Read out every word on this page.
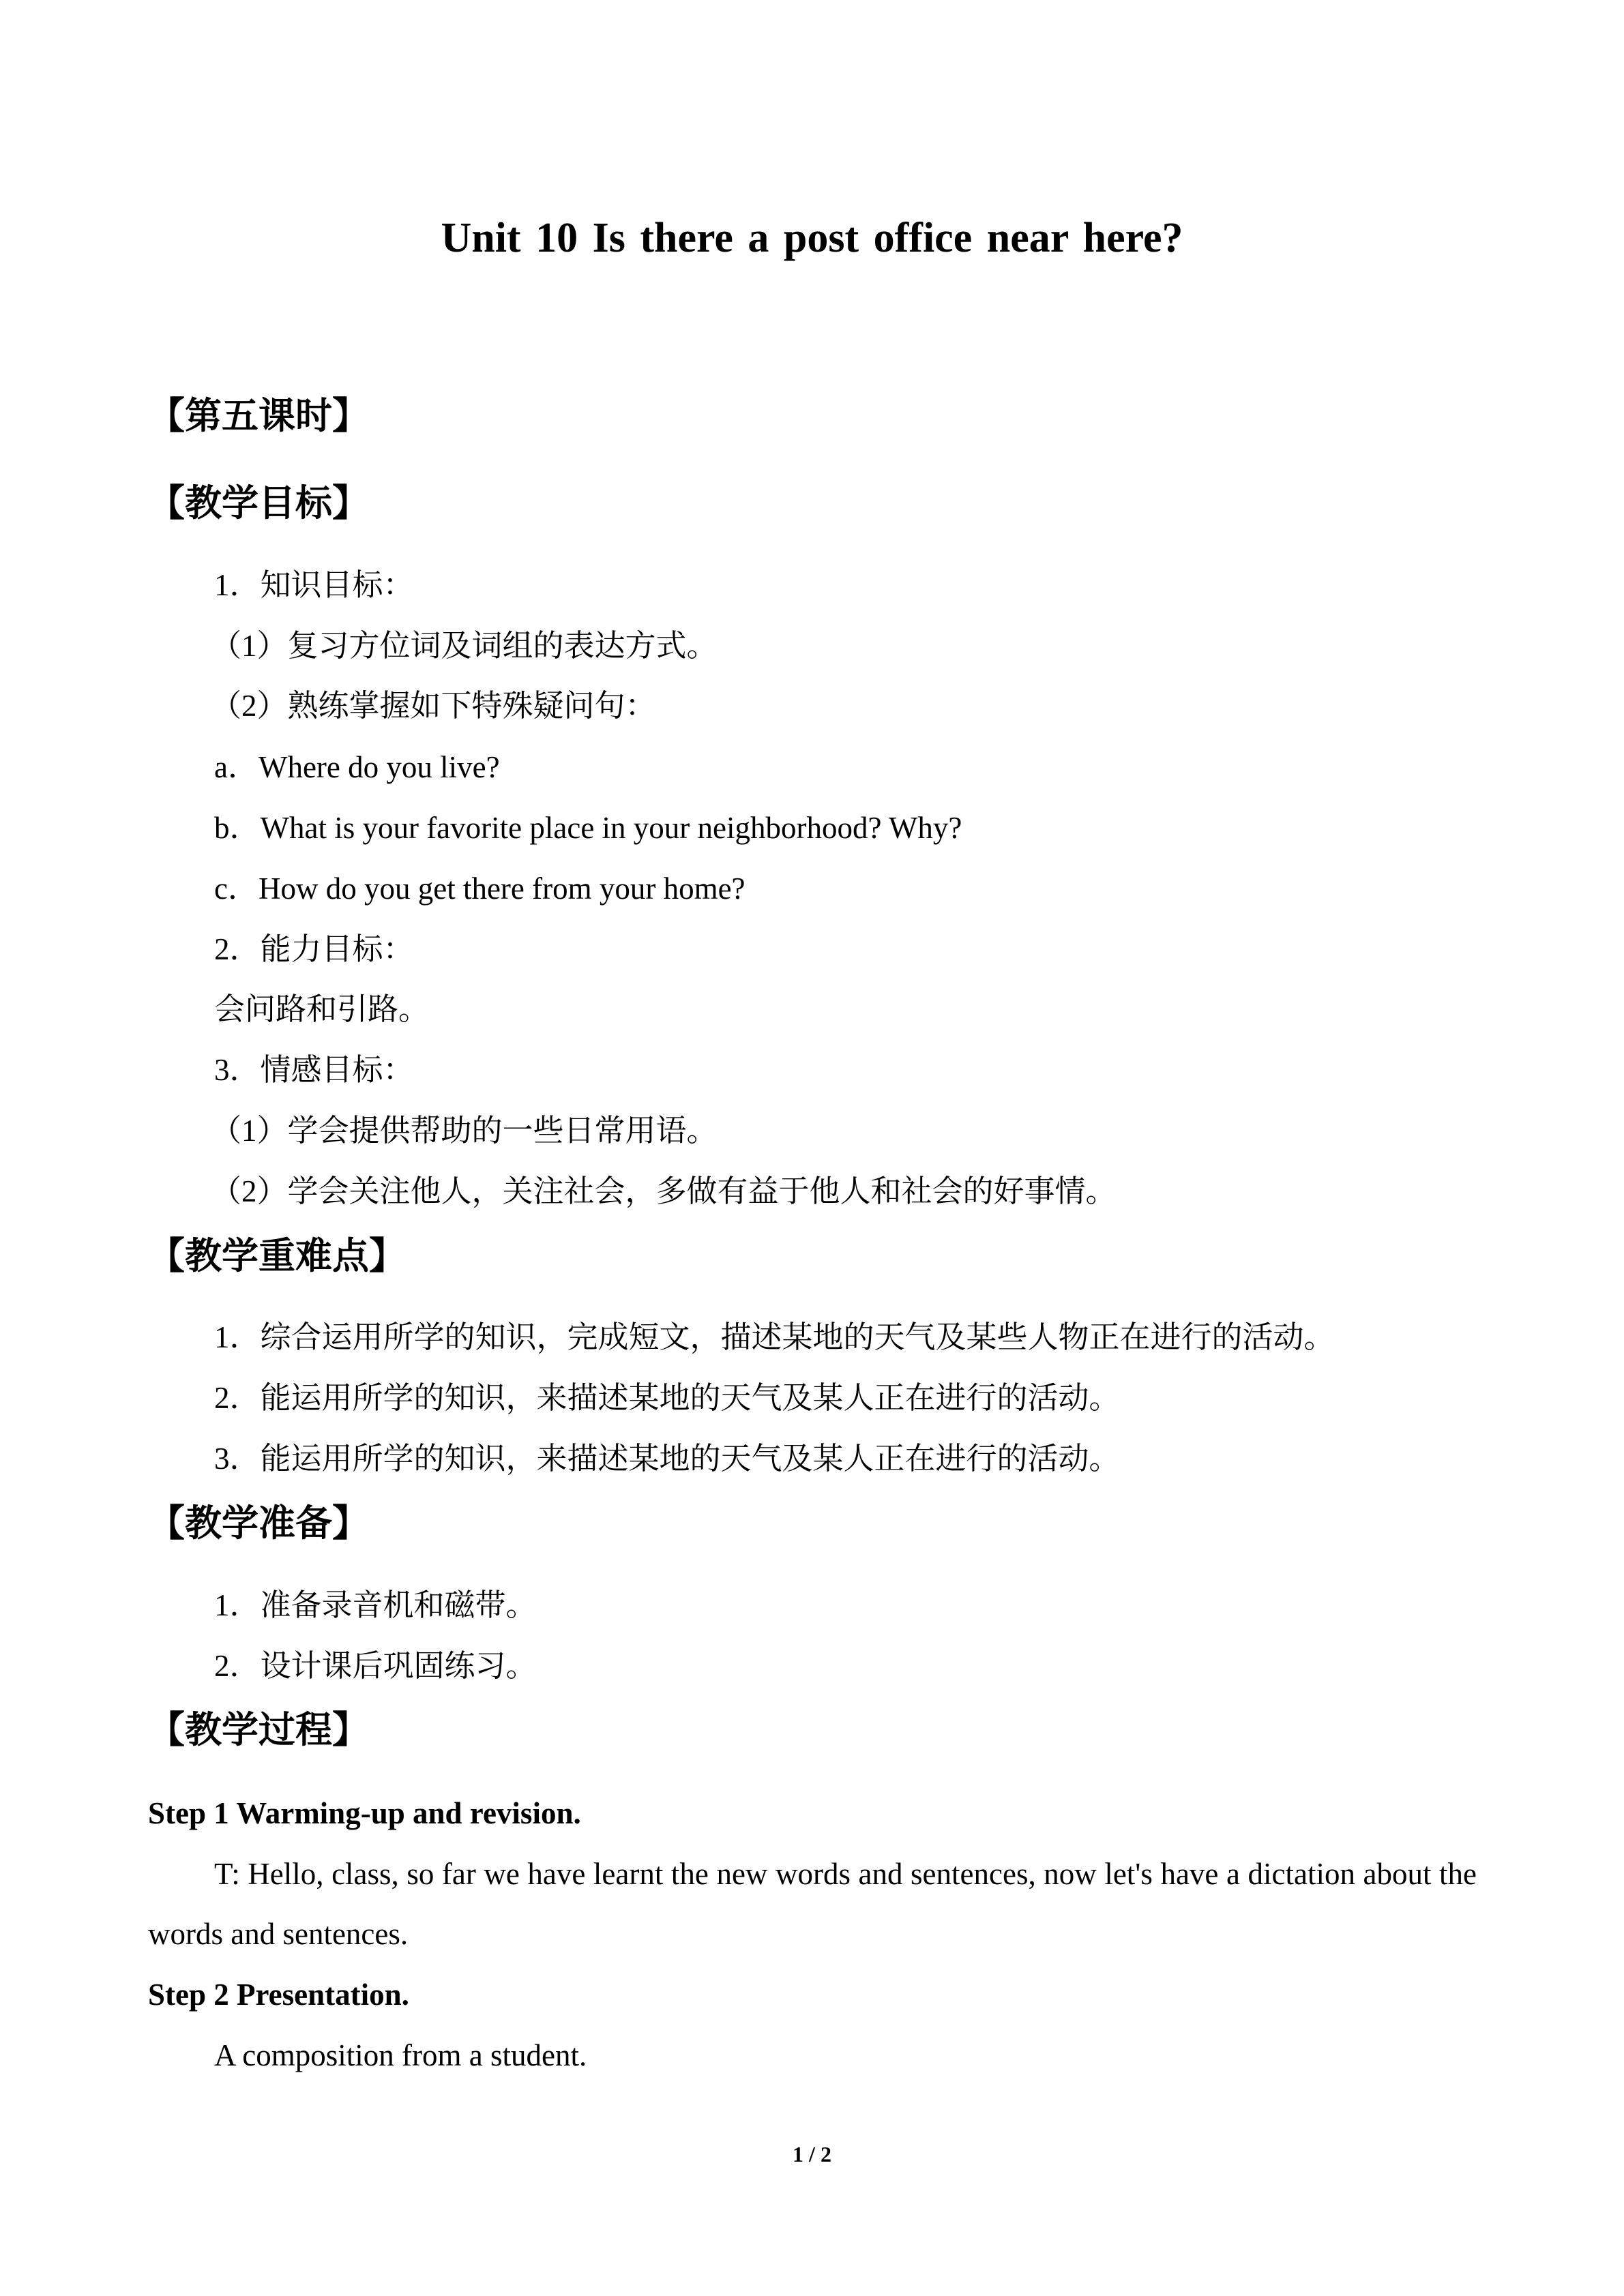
Unit 10 Is there a post office near here?
【第五课时】
【教学目标】
1．知识目标：
（1）复习方位词及词组的表达方式。
（2）熟练掌握如下特殊疑问句：
a．Where do you live?
b．What is your favorite place in your neighborhood? Why?
c．How do you get there from your home?
2．能力目标：
会问路和引路。
3．情感目标：
（1）学会提供帮助的一些日常用语。
（2）学会关注他人，关注社会，多做有益于他人和社会的好事情。
【教学重难点】
1．综合运用所学的知识，完成短文，描述某地的天气及某些人物正在进行的活动。
2．能运用所学的知识，来描述某地的天气及某人正在进行的活动。
3．能运用所学的知识，来描述某地的天气及某人正在进行的活动。
【教学准备】
1．准备录音机和磁带。
2．设计课后巩固练习。
【教学过程】
Step 1 Warming-up and revision.
T: Hello, class, so far we have learnt the new words and sentences, now let's have a dictation about the words and sentences.
Step 2 Presentation.
A composition from a student.
1 / 2
